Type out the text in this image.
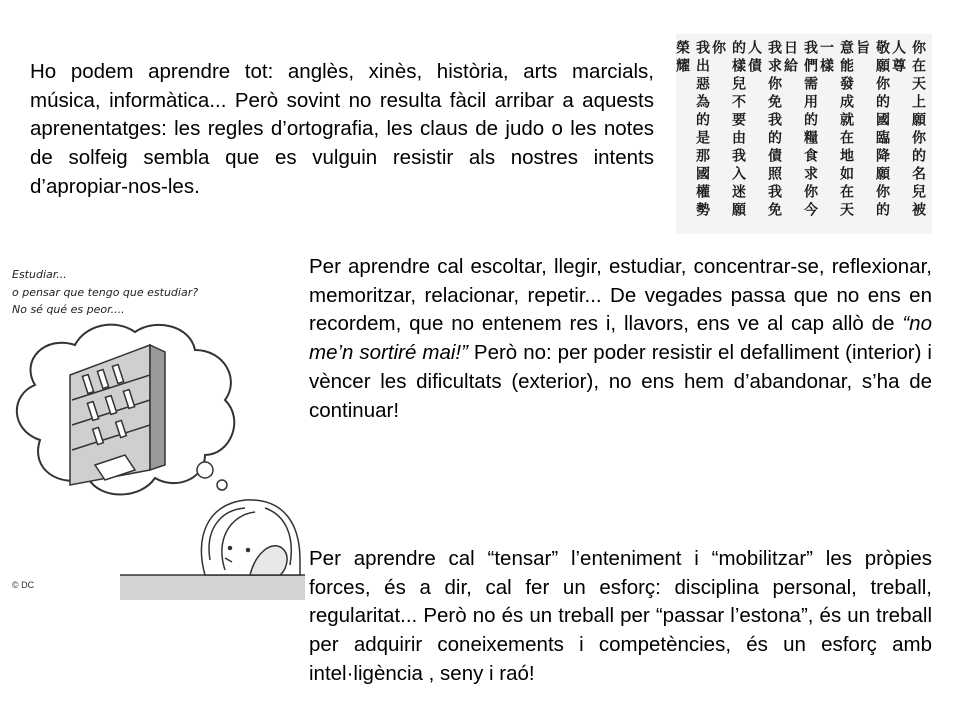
Ho podem aprendre tot: anglès, xinès, història, arts marcials, música, informàtica... Però sovint no resulta fàcil arribar a aquests aprenentatges: les regles d’ortografia, les claus de judo o les notes de solfeig sembla que es vulguin resistir als nostres intents d’apropiar-nos-les.	你在天上願你的名兒被人尊
敬願你的國臨降願你的旨
意能發成就在地如在天一樣
我們需用的糧食求你今日給
我求你免我的債照我免人債
的樣兒不要由我入迷願你
我出惡為的是那國權勢榮耀

Per aprendre cal escoltar, llegir, estudiar, concentrar-se, reflexionar, memoritzar, relacionar, repetir... De vegades passa que no ens en recordem, que no entenem res i, llavors, ens ve al cap allò de “no me’n sortiré mai!” Però no: per poder resistir el defalliment (interior) i vèncer les dificultats (exterior), no ens hem d’abandonar, s’ha de continuar!

Per aprendre cal “tensar” l’enteniment i “mobilitzar” les pròpies forces, és a dir, cal fer un esforç: disciplina personal, treball, regularitat... Però no és un treball per “passar l’estona”, és un treball per adquirir coneixements i competències, és un esforç amb intel·ligència , seny i raó!

Estudiar...
o pensar que tengo que estudiar?
No sé qué es peor....
© DC
